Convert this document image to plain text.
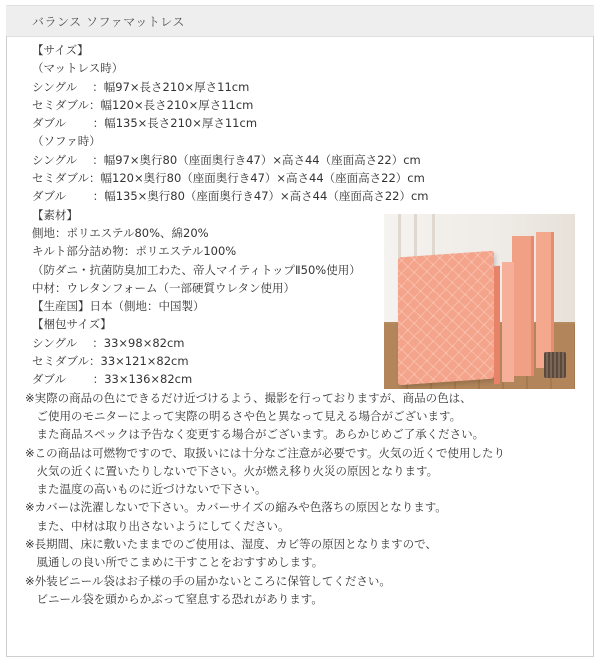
バランス ソファマットレス
【サイズ】
（マットレス時）
シングル　 ：幅97×長さ210×厚さ11cm
セミダブル：幅120×長さ210×厚さ11cm
ダブル　 　：幅135×長さ210×厚さ11cm
（ソファ時）
シングル　 ：幅97×奥行80（座面奥行き47）×高さ44（座面高さ22）cm
セミダブル：幅120×奥行80（座面奥行き47）×高さ44（座面高さ22）cm
ダブル　 　：幅135×奥行80（座面奥行き47）×高さ44（座面高さ22）cm
【素材】
側地：ポリエステル80%、綿20%
キルト部分詰め物：ポリエステル100%
（防ダニ・抗菌防臭加工わた、帝人マイティトップⅡ50%使用）
中材：ウレタンフォーム（一部硬質ウレタン使用）
【生産国】日本（側地：中国製）
【梱包サイズ】
シングル　 ：33×98×82cm
セミダブル：33×121×82cm
ダブル　 　：33×136×82cm
※実際の商品の色にできるだけ近づけるよう、撮影を行っておりますが、商品の色は、
　ご使用のモニターによって実際の明るさや色と異なって見える場合がございます。
　また商品スペックは予告なく変更する場合がございます。あらかじめご了承ください。
※この商品は可燃物ですので、取扱いには十分なご注意が必要です。火気の近くで使用したり
　火気の近くに置いたりしないで下さい。火が燃え移り火災の原因となります。
　また温度の高いものに近づけないで下さい。
※カバーは洗濯しないで下さい。カバーサイズの縮みや色落ちの原因となります。
　また、中材は取り出さないようにしてください。
※長期間、床に敷いたままでのご使用は、湿度、カビ等の原因となりますので、
　風通しの良い所でこまめに干すことをおすすめします。
※外装ビニール袋はお子様の手の届かないところに保管してください。
　ビニール袋を頭からかぶって窒息する恐れがあります。
